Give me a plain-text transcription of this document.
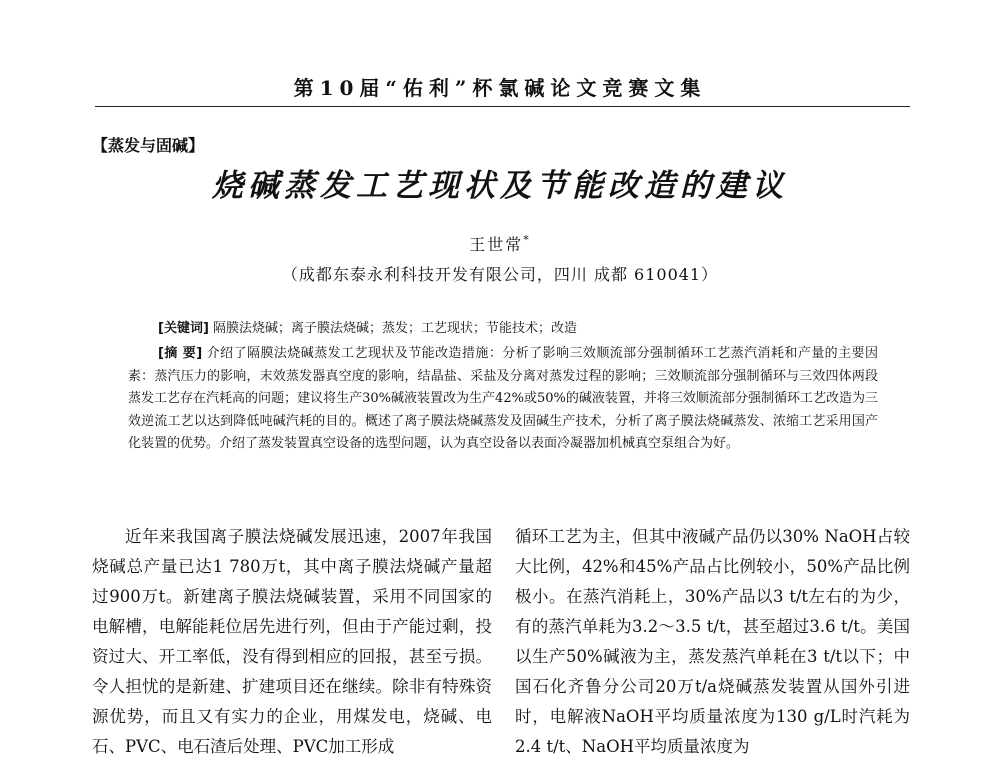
第10届“佑利”杯氯碱论文竞赛文集
【蒸发与固碱】
烧碱蒸发工艺现状及节能改造的建议
王世常*
（成都东泰永利科技开发有限公司，四川 成都 610041）
[关键词] 隔膜法烧碱；离子膜法烧碱；蒸发；工艺现状；节能技术；改造
[摘 要] 介绍了隔膜法烧碱蒸发工艺现状及节能改造措施：分析了影响三效顺流部分强制循环工艺蒸汽消耗和产量的主要因素：蒸汽压力的影响，末效蒸发器真空度的影响，结晶盐、采盐及分离对蒸发过程的影响；三效顺流部分强制循环与三效四体两段蒸发工艺存在汽耗高的问题；建议将生产30%碱液装置改为生产42%或50%的碱液装置，并将三效顺流部分强制循环工艺改造为三效逆流工艺以达到降低吨碱汽耗的目的。概述了离子膜法烧碱蒸发及固碱生产技术，分析了离子膜法烧碱蒸发、浓缩工艺采用国产化装置的优势。介绍了蒸发装置真空设备的选型问题，认为真空设备以表面冷凝器加机械真空泵组合为好。

近年来我国离子膜法烧碱发展迅速，2007年我国烧碱总产量已达1 780万t，其中离子膜法烧碱产量超过900万t。新建离子膜法烧碱装置，采用不同国家的电解槽，电解能耗位居先进行列，但由于产能过剩，投资过大、开工率低，没有得到相应的回报，甚至亏损。令人担忧的是新建、扩建项目还在继续。除非有特殊资源优势，而且又有实力的企业，用煤发电，烧碱、电石、PVC、电石渣后处理、PVC加工形成

循环工艺为主，但其中液碱产品仍以30% NaOH占较大比例，42%和45%产品占比例较小，50%产品比例极小。在蒸汽消耗上，30%产品以3 t/t左右的为少，有的蒸汽单耗为3.2～3.5 t/t，甚至超过3.6 t/t。美国以生产50%碱液为主，蒸发蒸汽单耗在3 t/t以下；中国石化齐鲁分公司20万t/a烧碱蒸发装置从国外引进时，电解液NaOH平均质量浓度为130 g/L时汽耗为2.4 t/t、NaOH平均质量浓度为
